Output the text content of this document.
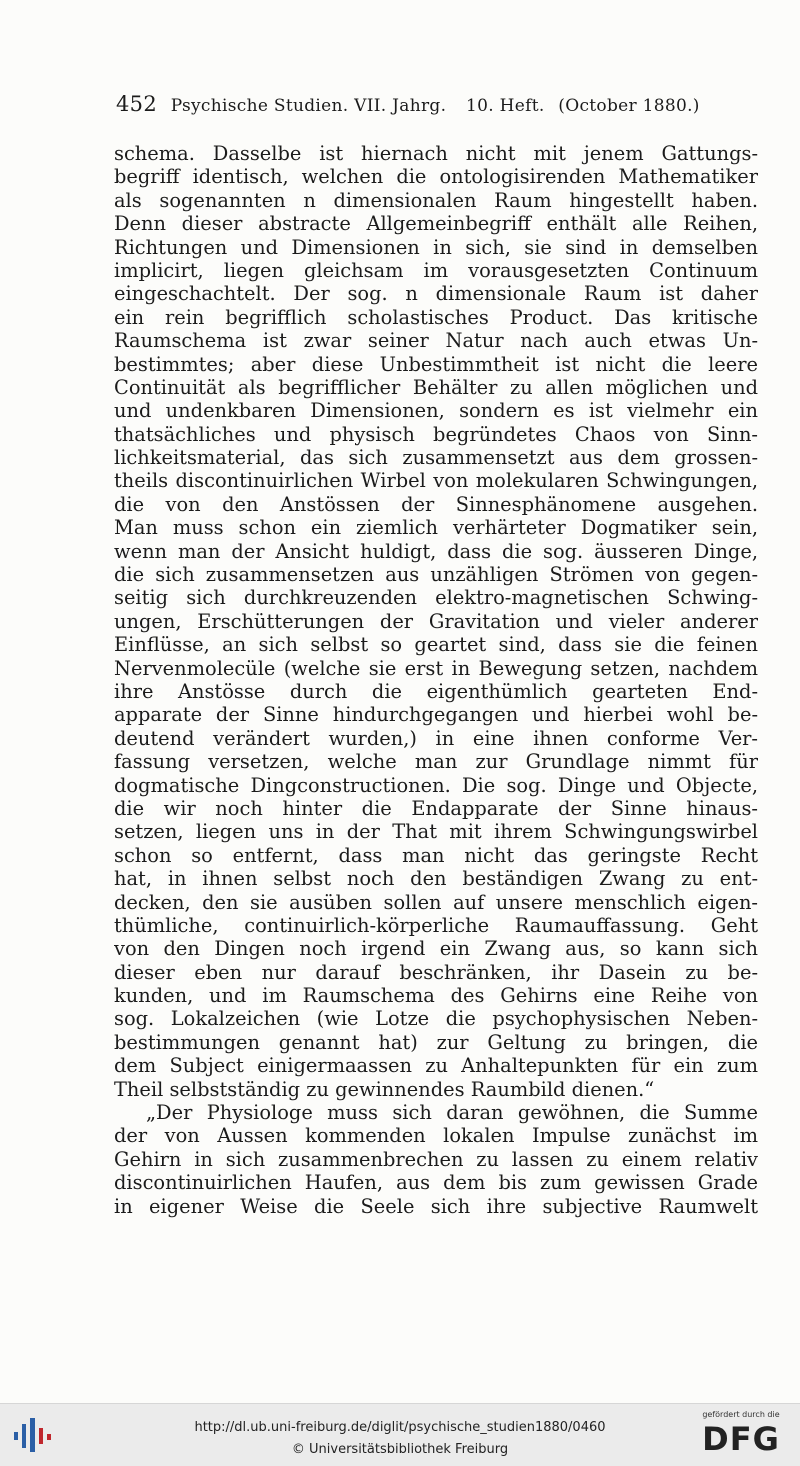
452 Psychische Studien. VII. Jahrg. 10. Heft. (October 1880.)
schema. Dasselbe ist hiernach nicht mit jenem Gattungs-
begriff identisch, welchen die ontologisirenden Mathematiker
als sogenannten n dimensionalen Raum hingestellt haben.
Denn dieser abstracte Allgemeinbegriff enthält alle Reihen,
Richtungen und Dimensionen in sich, sie sind in demselben
implicirt, liegen gleichsam im vorausgesetzten Continuum
eingeschachtelt. Der sog. n dimensionale Raum ist daher
ein rein begrifflich scholastisches Product. Das kritische
Raumschema ist zwar seiner Natur nach auch etwas Un-
bestimmtes; aber diese Unbestimmtheit ist nicht die leere
Continuität als begrifflicher Behälter zu allen möglichen und
und undenkbaren Dimensionen, sondern es ist vielmehr ein
thatsächliches und physisch begründetes Chaos von Sinn-
lichkeitsmaterial, das sich zusammensetzt aus dem grossen-
theils discontinuirlichen Wirbel von molekularen Schwingungen,
die von den Anstössen der Sinnesphänomene ausgehen.
Man muss schon ein ziemlich verhärteter Dogmatiker sein,
wenn man der Ansicht huldigt, dass die sog. äusseren Dinge,
die sich zusammensetzen aus unzähligen Strömen von gegen-
seitig sich durchkreuzenden elektro-magnetischen Schwing-
ungen, Erschütterungen der Gravitation und vieler anderer
Einflüsse, an sich selbst so geartet sind, dass sie die feinen
Nervenmolecüle (welche sie erst in Bewegung setzen, nachdem
ihre Anstösse durch die eigenthümlich gearteten End-
apparate der Sinne hindurchgegangen und hierbei wohl be-
deutend verändert wurden,) in eine ihnen conforme Ver-
fassung versetzen, welche man zur Grundlage nimmt für
dogmatische Dingconstructionen. Die sog. Dinge und Objecte,
die wir noch hinter die Endapparate der Sinne hinaus-
setzen, liegen uns in der That mit ihrem Schwingungswirbel
schon so entfernt, dass man nicht das geringste Recht
hat, in ihnen selbst noch den beständigen Zwang zu ent-
decken, den sie ausüben sollen auf unsere menschlich eigen-
thümliche, continuirlich-körperliche Raumauffassung. Geht
von den Dingen noch irgend ein Zwang aus, so kann sich
dieser eben nur darauf beschränken, ihr Dasein zu be-
kunden, und im Raumschema des Gehirns eine Reihe von
sog. Lokalzeichen (wie Lotze die psychophysischen Neben-
bestimmungen genannt hat) zur Geltung zu bringen, die
dem Subject einigermaassen zu Anhaltepunkten für ein zum
Theil selbstständig zu gewinnendes Raumbild dienen.“
„Der Physiologe muss sich daran gewöhnen, die Summe
der von Aussen kommenden lokalen Impulse zunächst im
Gehirn in sich zusammenbrechen zu lassen zu einem relativ
discontinuirlichen Haufen, aus dem bis zum gewissen Grade
in eigener Weise die Seele sich ihre subjective Raumwelt
http://dl.ub.uni-freiburg.de/diglit/psychische_studien1880/0460
© Universitätsbibliothek Freiburg
gefördert durch die
DFG
